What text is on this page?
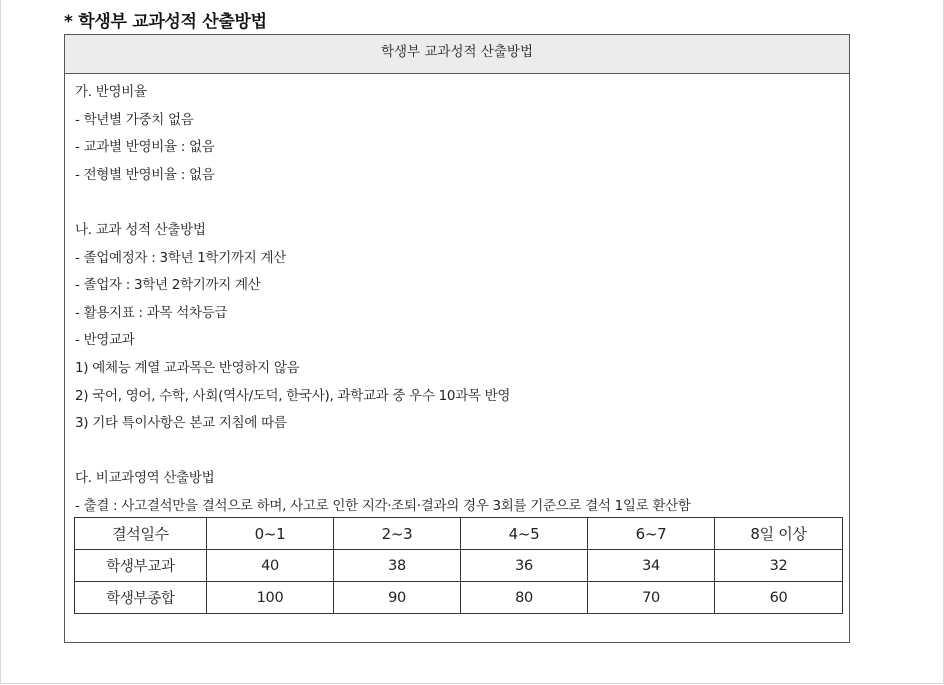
* 학생부 교과성적 산출방법
학생부 교과성적 산출방법
가. 반영비율
- 학년별 가중치 없음
- 교과별 반영비율 : 없음
- 전형별 반영비율 : 없음
나. 교과 성적 산출방법
- 졸업예정자 : 3학년 1학기까지 계산
- 졸업자 : 3학년 2학기까지 계산
- 활용지표 : 과목 석차등급
- 반영교과
1) 예체능 계열 교과목은 반영하지 않음
2) 국어, 영어, 수학, 사회(역사/도덕, 한국사), 과학교과 중 우수 10과목 반영
3) 기타 특이사항은 본교 지침에 따름
다. 비교과영역 산출방법
- 출결 : 사고결석만을 결석으로 하며, 사고로 인한 지각·조퇴·결과의 경우 3회를 기준으로 결석 1일로 환산함
결석일수	0~1	2~3	4~5	6~7	8일 이상
학생부교과	40	38	36	34	32
학생부종합	100	90	80	70	60
